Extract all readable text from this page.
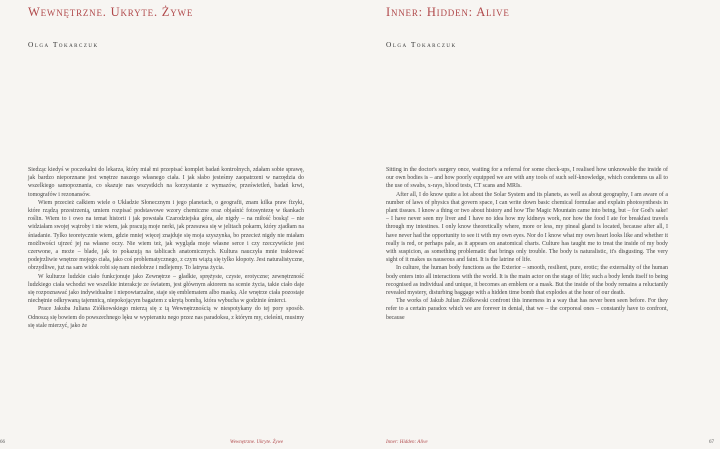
Wewnętrzne. Ukryte. Żywe
Olga Tokarczuk

Siedząc kiedyś w poczekalni do lekarza, który miał mi przepisać komplet badań kontrolnych, zdałam sobie sprawę, jak bardzo nieporznane jest wnętrze naszego własnego ciała. I jak słabo jesteśmy zaopatrzeni w narzędzia do wszelkiego samopoznania, co skazuje nas wszystkich na korzystanie z wymazów, prześwietleń, badań krwi, tomografów i rezonansów.

Wiem przecież całkiem wiele o Układzie Słonecznym i jego planetach, o geografii, znam kilka praw fizyki, które rządzą przestrzenią, umiem rozpisać podstawowe wzory chemiczne oraz objaśnić fotosyntezę w tkankach roślin. Wiem to i owo na temat historii i jak powstała Czarodziejska góra, ale nigdy – na miłość boską! – nie widziałam swojej wątroby i nie wiem, jak pracują moje nerki, jak przesuwa się w jelitach pokarm, który zjadłam na śniadanie. Tylko teoretycznie wiem, gdzie mniej więcej znajduje się moja szyszynka, bo przecież nigdy nie miałam możliwości ujrzeć jej na własne oczy. Nie wiem też, jak wygląda moje własne serce i czy rzeczywiście jest czerwone, a może – blade, jak to pokazują na tablicach anatomicznych. Kultura nauczyła mnie traktować podejrzliwie wnętrze mojego ciała, jako coś problematycznego, z czym wiążą się tylko kłopoty. Jest naturalistyczne, obrzydliwe, już na sam widok robi się nam niedobrze i mdlejemy. To latryna życia.

W kulturze ludzkie ciało funkcjonuje jako Zewnętrze – gładkie, sprężyste, czyste, erotyczne; zewnętrzność ludzkiego ciała wchodzi we wszelkie interakcje ze światem, jest głównym aktorem na scenie życia, takie ciało daje się rozpoznawać jako indywidualne i niepowtarzalne, staje się emblematem albo maską. Ale wnętrze ciała pozostaje niechętnie odkrywaną tajemnicą, niepokojącym bagażem z ukrytą bombą, która wybucha w godzinie śmierci.

Prace Jakuba Juliana Ziółkowskiego mierzą się z tą Wewnętrznością w niespotykany do tej pory sposób. Odnoszą się bowiem do powszechnego lęku w wypieraniu nego przez nas paradoksu, z którym my, cieleśni, musimy się stale mierzyć, jako że

66	Wewnętrzne. Ukryte. Żywe
Inner: Hidden: Alive
Olga Tokarczuk

Sitting in the doctor's surgery once, waiting for a referral for some check-ups, I realised how unknowable the inside of our own bodies is – and how poorly equipped we are with any tools of such self-knowledge, which condemns us all to the use of swabs, x-rays, blood tests, CT scans and MRIs.

After all, I do know quite a lot about the Solar System and its planets, as well as about geography, I am aware of a number of laws of physics that govern space, I can write down basic chemical formulae and explain photosynthesis in plant tissues. I know a thing or two about history and how The Magic Mountain came into being, but – for God's sake! – I have never seen my liver and I have no idea how my kidneys work, nor how the food I ate for breakfast travels through my intestines. I only know theoretically where, more or less, my pineal gland is located, because after all, I have never had the opportunity to see it with my own eyes. Nor do I know what my own heart looks like and whether it really is red, or perhaps pale, as it appears on anatomical charts. Culture has taught me to treat the inside of my body with suspicion, as something problematic that brings only trouble. The body is naturalistic, it's disgusting. The very sight of it makes us nauseous and faint. It is the latrine of life.

In culture, the human body functions as the Exterior – smooth, resilient, pure, erotic; the externality of the human body enters into all interactions with the world. It is the main actor on the stage of life; such a body lends itself to being recognised as individual and unique, it becomes an emblem or a mask. But the inside of the body remains a reluctantly revealed mystery, disturbing baggage with a hidden time bomb that explodes at the hour of our death.

The works of Jakub Julian Ziółkowski confront this innerness in a way that has never been seen before. For they refer to a certain paradox which we are forever in denial, that we – the corporeal ones – constantly have to confront, because

Inner: Hidden: Alive	67
